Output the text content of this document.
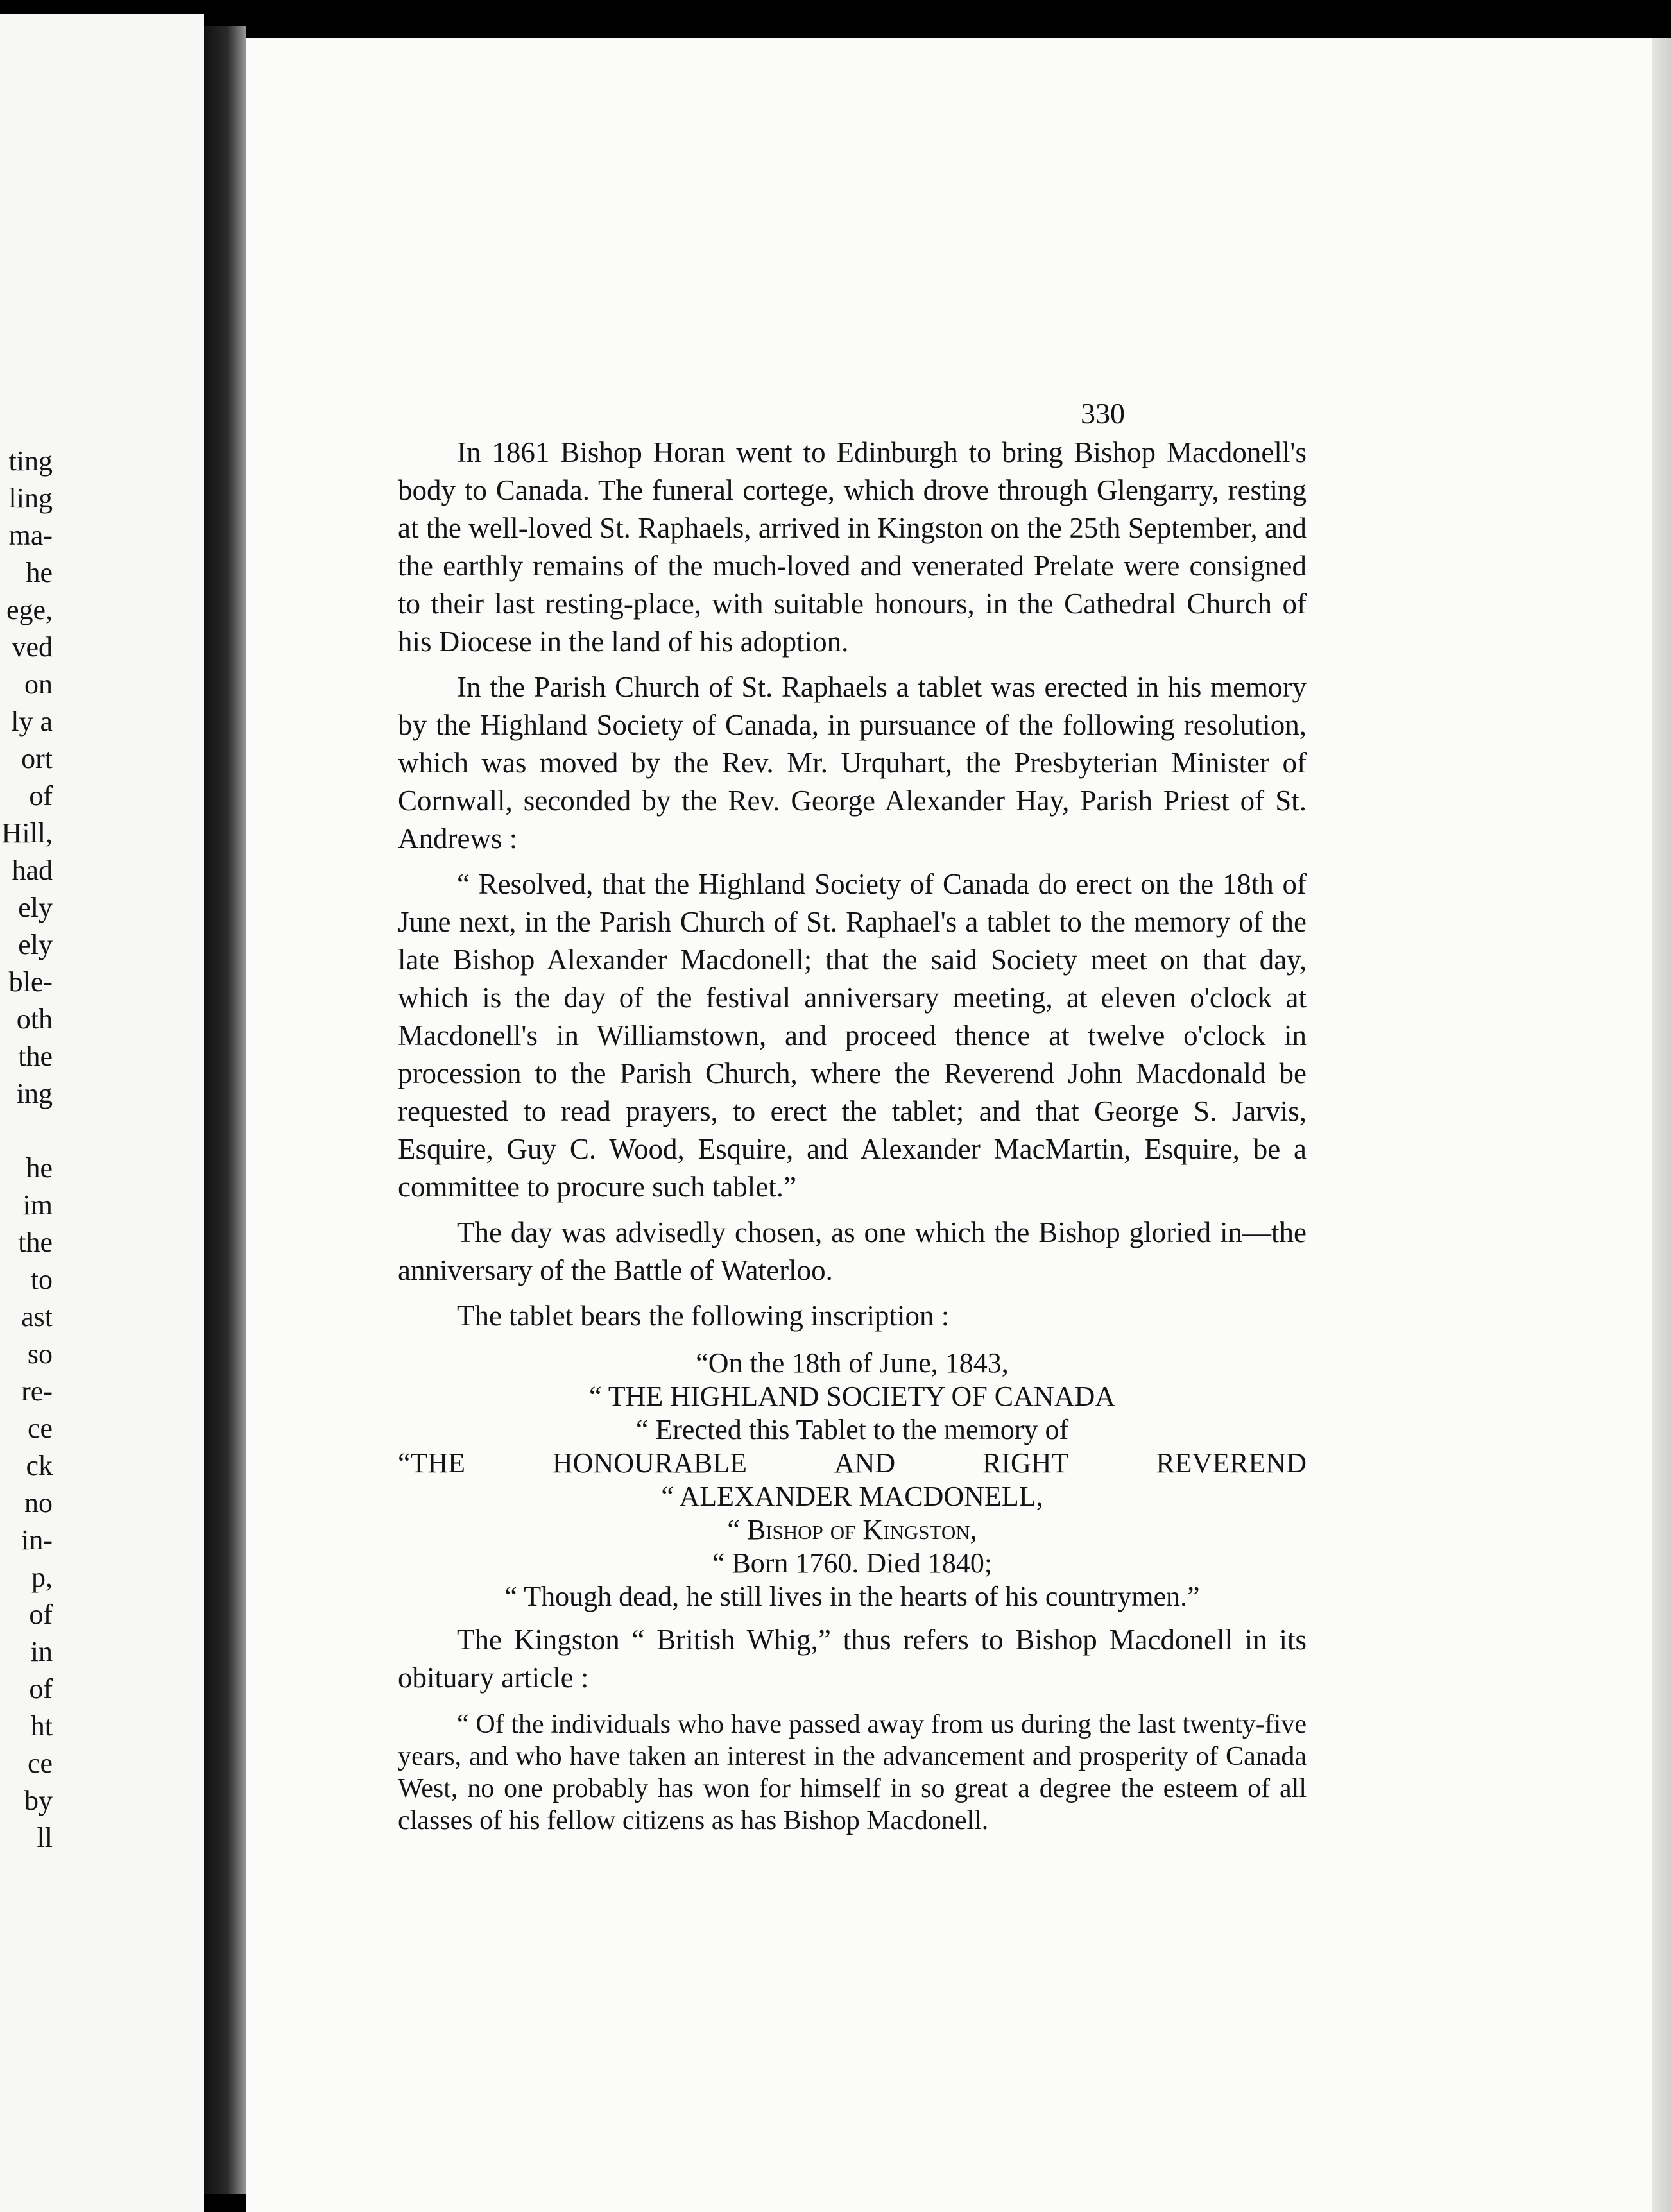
ting
ling
ma-
he
ege,
ved
on
ly a
ort
of
Hill,
had
ely
ely
ble-
oth
the
ing

he
im
the
to
ast
so
re-
ce
ck
no
in-
p,
of
in
of
ht
ce
by
ll
330

In 1861 Bishop Horan went to Edinburgh to bring Bishop Macdonell's body to Canada. The funeral cortege, which drove through Glengarry, resting at the well-loved St. Raphaels, arrived in Kingston on the 25th September, and the earthly remains of the much-loved and venerated Prelate were consigned to their last resting-place, with suitable honours, in the Cathedral Church of his Diocese in the land of his adoption.

In the Parish Church of St. Raphaels a tablet was erected in his memory by the Highland Society of Canada, in pursuance of the following resolution, which was moved by the Rev. Mr. Urquhart, the Presbyterian Minister of Cornwall, seconded by the Rev. George Alexander Hay, Parish Priest of St. Andrews :

“ Resolved, that the Highland Society of Canada do erect on the 18th of June next, in the Parish Church of St. Raphael's a tablet to the memory of the late Bishop Alexander Macdonell; that the said Society meet on that day, which is the day of the festival anniversary meeting, at eleven o'clock at Macdonell's in Williamstown, and proceed thence at twelve o'clock in procession to the Parish Church, where the Reverend John Macdonald be requested to read prayers, to erect the tablet; and that George S. Jarvis, Esquire, Guy C. Wood, Esquire, and Alexander MacMartin, Esquire, be a committee to procure such tablet.”

The day was advisedly chosen, as one which the Bishop gloried in—the anniversary of the Battle of Waterloo.

The tablet bears the following inscription :

“On the 18th of June, 1843,
“ THE HIGHLAND SOCIETY OF CANADA
“ Erected this Tablet to the memory of
“THE	HONOURABLE	AND	RIGHT	REVEREND
“ ALEXANDER MACDONELL,
“ Bishop of Kingston,
“ Born 1760. Died 1840;
“ Though dead, he still lives in the hearts of his countrymen.”

The Kingston “ British Whig,” thus refers to Bishop Macdonell in its obituary article :

“ Of the individuals who have passed away from us during the last twenty-five years, and who have taken an interest in the advancement and prosperity of Canada West, no one probably has won for himself in so great a degree the esteem of all classes of his fellow citizens as has Bishop Macdonell.
